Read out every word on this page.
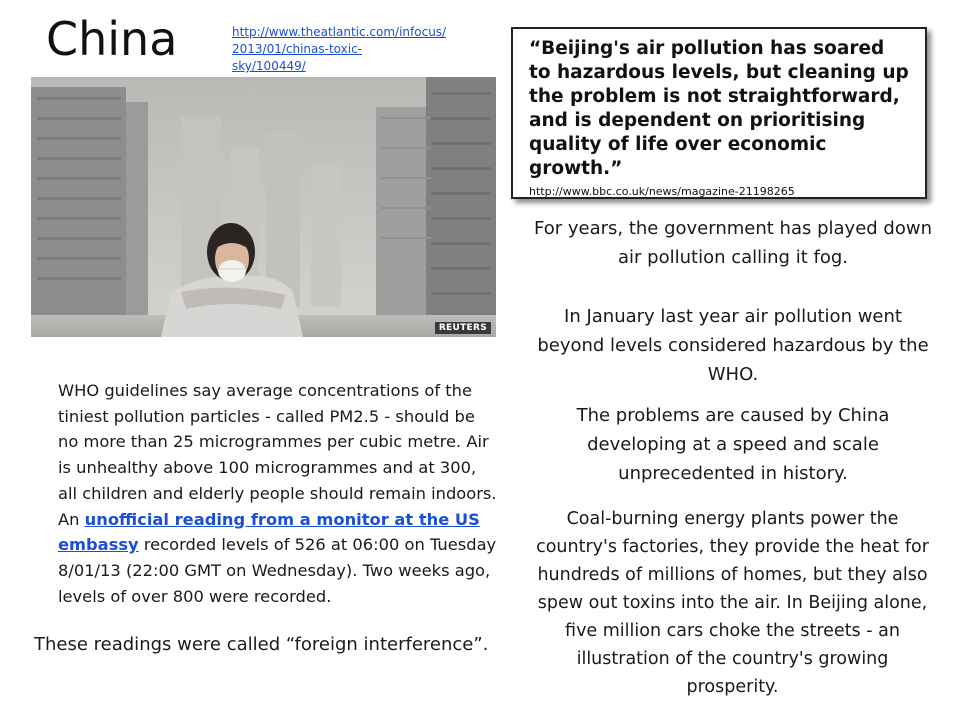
China	http://www.theatlantic.com/infocus/
2013/01/chinas-toxic-sky/100449/
REUTERS
“Beijing's air pollution has soared to hazardous levels, but cleaning up the problem is not straightforward, and is dependent on prioritising quality of life over economic growth.”
http://www.bbc.co.uk/news/magazine-21198265
For years, the government has played down air pollution calling it fog.
In January last year air pollution went beyond levels considered hazardous by the WHO.
The problems are caused by China developing at a speed and scale unprecedented in history.
Coal-burning energy plants power the country's factories, they provide the heat for hundreds of millions of homes, but they also spew out toxins into the air. In Beijing alone, five million cars choke the streets - an illustration of the country's growing prosperity.
WHO guidelines say average concentrations of the tiniest pollution particles - called PM2.5 - should be no more than 25 microgrammes per cubic metre. Air is unhealthy above 100 microgrammes and at 300, all children and elderly people should remain indoors. An unofficial reading from a monitor at the US embassy recorded levels of 526 at 06:00 on Tuesday 8/01/13 (22:00 GMT on Wednesday). Two weeks ago, levels of over 800 were recorded.
These readings were called “foreign interference”.
